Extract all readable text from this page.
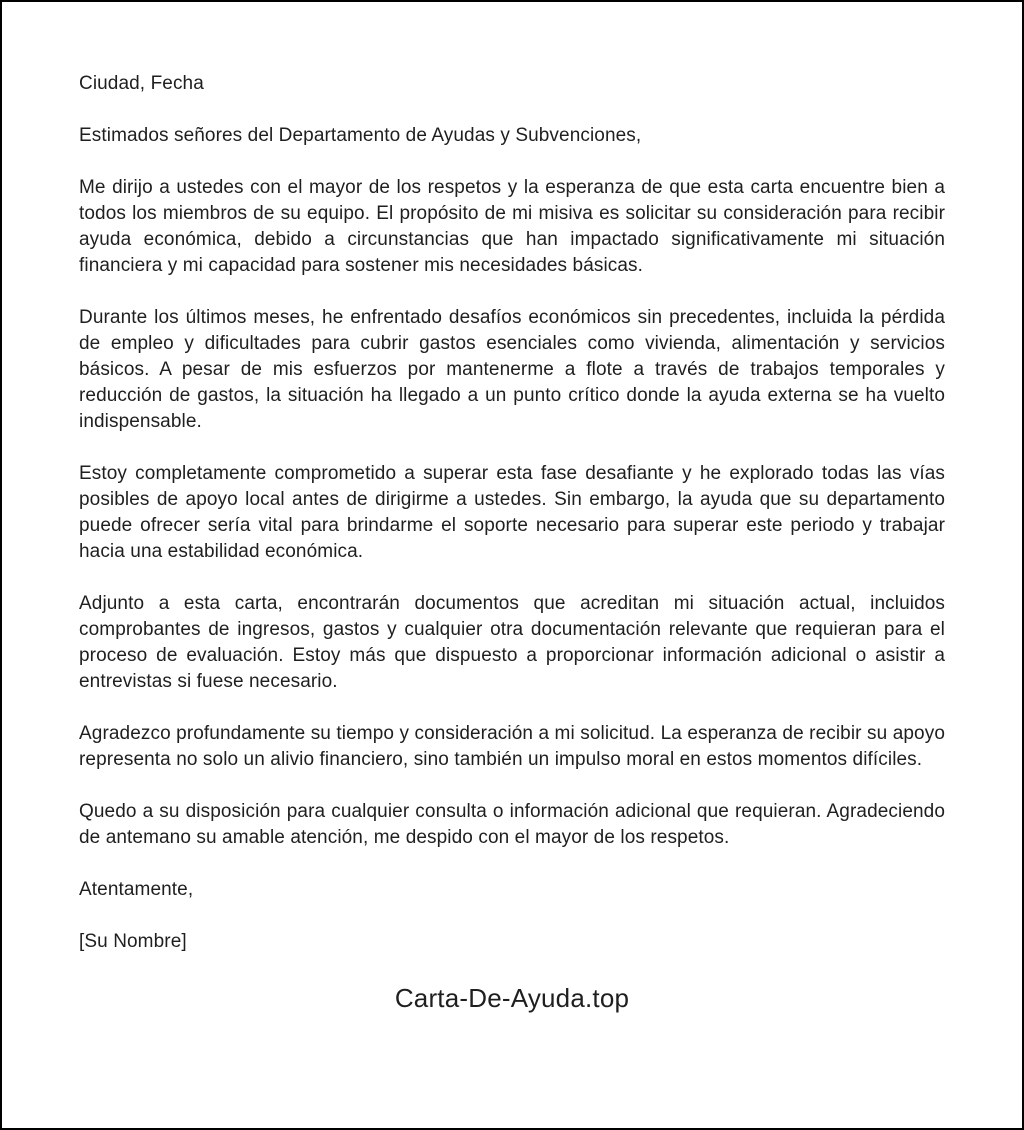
Ciudad, Fecha

Estimados señores del Departamento de Ayudas y Subvenciones,

Me dirijo a ustedes con el mayor de los respetos y la esperanza de que esta carta encuentre bien a todos los miembros de su equipo. El propósito de mi misiva es solicitar su consideración para recibir ayuda económica, debido a circunstancias que han impactado significativamente mi situación financiera y mi capacidad para sostener mis necesidades básicas.

Durante los últimos meses, he enfrentado desafíos económicos sin precedentes, incluida la pérdida de empleo y dificultades para cubrir gastos esenciales como vivienda, alimentación y servicios básicos. A pesar de mis esfuerzos por mantenerme a flote a través de trabajos temporales y reducción de gastos, la situación ha llegado a un punto crítico donde la ayuda externa se ha vuelto indispensable.

Estoy completamente comprometido a superar esta fase desafiante y he explorado todas las vías posibles de apoyo local antes de dirigirme a ustedes. Sin embargo, la ayuda que su departamento puede ofrecer sería vital para brindarme el soporte necesario para superar este periodo y trabajar hacia una estabilidad económica.

Adjunto a esta carta, encontrarán documentos que acreditan mi situación actual, incluidos comprobantes de ingresos, gastos y cualquier otra documentación relevante que requieran para el proceso de evaluación. Estoy más que dispuesto a proporcionar información adicional o asistir a entrevistas si fuese necesario.

Agradezco profundamente su tiempo y consideración a mi solicitud. La esperanza de recibir su apoyo representa no solo un alivio financiero, sino también un impulso moral en estos momentos difíciles.

Quedo a su disposición para cualquier consulta o información adicional que requieran. Agradeciendo de antemano su amable atención, me despido con el mayor de los respetos.

Atentamente,

[Su Nombre]

Carta-De-Ayuda.top
